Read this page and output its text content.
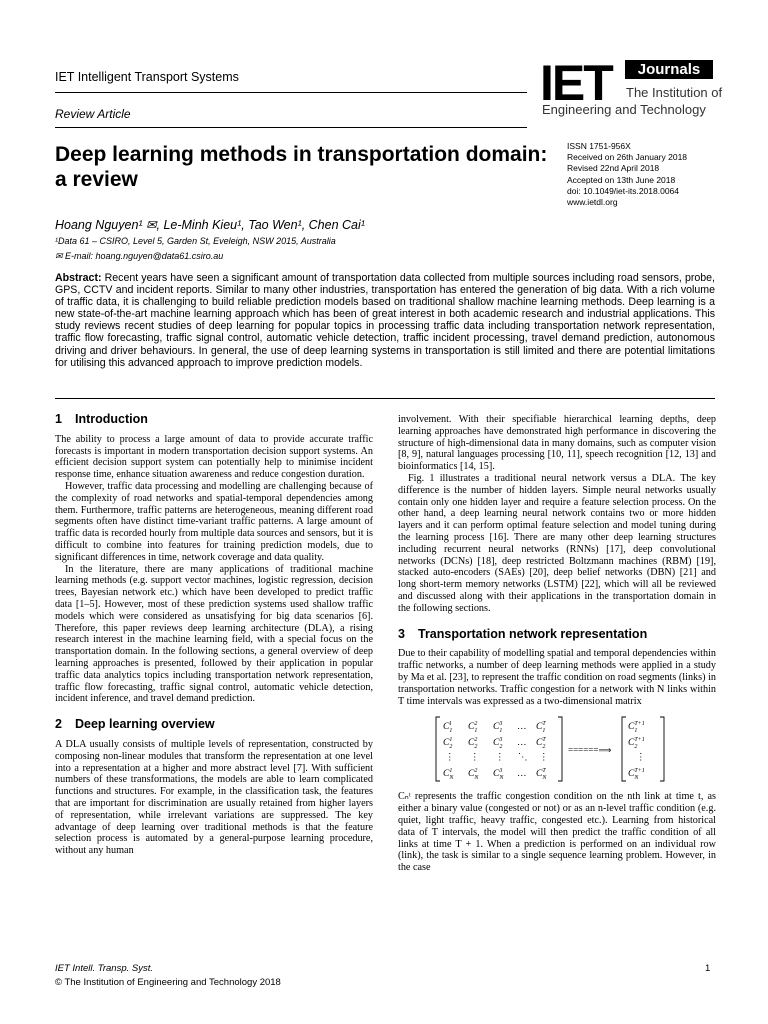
IET Intelligent Transport Systems
Review Article
IET	Journals
The Institution of
Engineering and Technology
ISSN 1751-956X
Received on 26th January 2018
Revised 22nd April 2018
Accepted on 13th June 2018
doi: 10.1049/iet-its.2018.0064
www.ietdl.org
Deep learning methods in transportation domain: a review
Hoang Nguyen¹ ✉, Le-Minh Kieu¹, Tao Wen¹, Chen Cai¹
¹Data 61 – CSIRO, Level 5, Garden St, Eveleigh, NSW 2015, Australia
✉ E-mail: hoang.nguyen@data61.csiro.au
Abstract: Recent years have seen a significant amount of transportation data collected from multiple sources including road sensors, probe, GPS, CCTV and incident reports. Similar to many other industries, transportation has entered the generation of big data. With a rich volume of traffic data, it is challenging to build reliable prediction models based on traditional shallow machine learning methods. Deep learning is a new state-of-the-art machine learning approach which has been of great interest in both academic research and industrial applications. This study reviews recent studies of deep learning for popular topics in processing traffic data including transportation network representation, traffic flow forecasting, traffic signal control, automatic vehicle detection, traffic incident processing, travel demand prediction, autonomous driving and driver behaviours. In general, the use of deep learning systems in transportation is still limited and there are potential limitations for utilising this advanced approach to improve prediction models.
1 Introduction

The ability to process a large amount of data to provide accurate traffic forecasts is important in modern transportation decision support systems. An efficient decision support system can potentially help to minimise incident response time, enhance situation awareness and reduce congestion duration.

However, traffic data processing and modelling are challenging because of the complexity of road networks and spatial-temporal dependencies among them. Furthermore, traffic patterns are heterogeneous, meaning different road segments often have distinct time-variant traffic patterns. A large amount of traffic data is recorded hourly from multiple data sources and sensors, but it is difficult to combine into features for training prediction models, due to significant differences in time, network coverage and data quality.

In the literature, there are many applications of traditional machine learning methods (e.g. support vector machines, logistic regression, decision trees, Bayesian network etc.) which have been developed to predict traffic data [1–5]. However, most of these prediction systems used shallow traffic models which were considered as unsatisfying for big data scenarios [6]. Therefore, this paper reviews deep learning architecture (DLA), a rising research interest in the machine learning field, with a special focus on the transportation domain. In the following sections, a general overview of deep learning approaches is presented, followed by their application in popular traffic data analytics topics including transportation network representation, traffic flow forecasting, traffic signal control, automatic vehicle detection, incident inference, and travel demand prediction.

2 Deep learning overview

A DLA usually consists of multiple levels of representation, constructed by composing non-linear modules that transform the representation at one level into a representation at a higher and more abstract level [7]. With sufficient numbers of these transformations, the models are able to learn complicated functions and structures. For example, in the classification task, the features that are important for discrimination are usually retained from higher layers of representation, while irrelevant variations are suppressed. The key advantage of deep learning over traditional methods is that the feature selection process is automated by a general-purpose learning procedure, without any human

involvement. With their specifiable hierarchical learning depths, deep learning approaches have demonstrated high performance in discovering the structure of high-dimensional data in many domains, such as computer vision [8, 9], natural languages processing [10, 11], speech recognition [12, 13] and bioinformatics [14, 15].

Fig. 1 illustrates a traditional neural network versus a DLA. The key difference is the number of hidden layers. Simple neural networks usually contain only one hidden layer and require a feature selection process. On the other hand, a deep learning neural network contains two or more hidden layers and it can perform optimal feature selection and model tuning during the learning process [16]. There are many other deep learning structures including recurrent neural networks (RNNs) [17], deep convolutional networks (DCNs) [18], deep restricted Boltzmann machines (RBM) [19], stacked auto-encoders (SAEs) [20], deep belief networks (DBN) [21] and long short-term memory networks (LSTM) [22], which will all be reviewed and discussed along with their applications in the transportation domain in the following sections.

3 Transportation network representation

Due to their capability of modelling spatial and temporal dependencies within traffic networks, a number of deep learning methods were applied in a study by Ma et al. [23], to represent the traffic condition on road segments (links) in transportation networks. Traffic congestion for a network with N links within T time intervals was expressed as a two-dimensional matrix

$C_11$ $C_12$ $C_13$ … $C_1T$
$C_21$ $C_22$ $C_23$ … $C_2T$
⋮ ⋮ ⋮ ⋱ ⋮
$C_N1$ $C_N2$ $C_N3$ … $C_NT$
======⟹
$C_1T+1$
$C_2T+1$
⋮
$C_NT+1$

Cₙᵗ represents the traffic congestion condition on the nth link at time t, as either a binary value (congested or not) or as an n-level traffic condition (e.g. quiet, light traffic, heavy traffic, congested etc.). Learning from historical data of T intervals, the model will then predict the traffic condition of all links at time T + 1. When a prediction is performed on an individual row (link), the task is similar to a single sequence learning problem. However, in the case

IET Intell. Transp. Syst.
© The Institution of Engineering and Technology 2018
1
